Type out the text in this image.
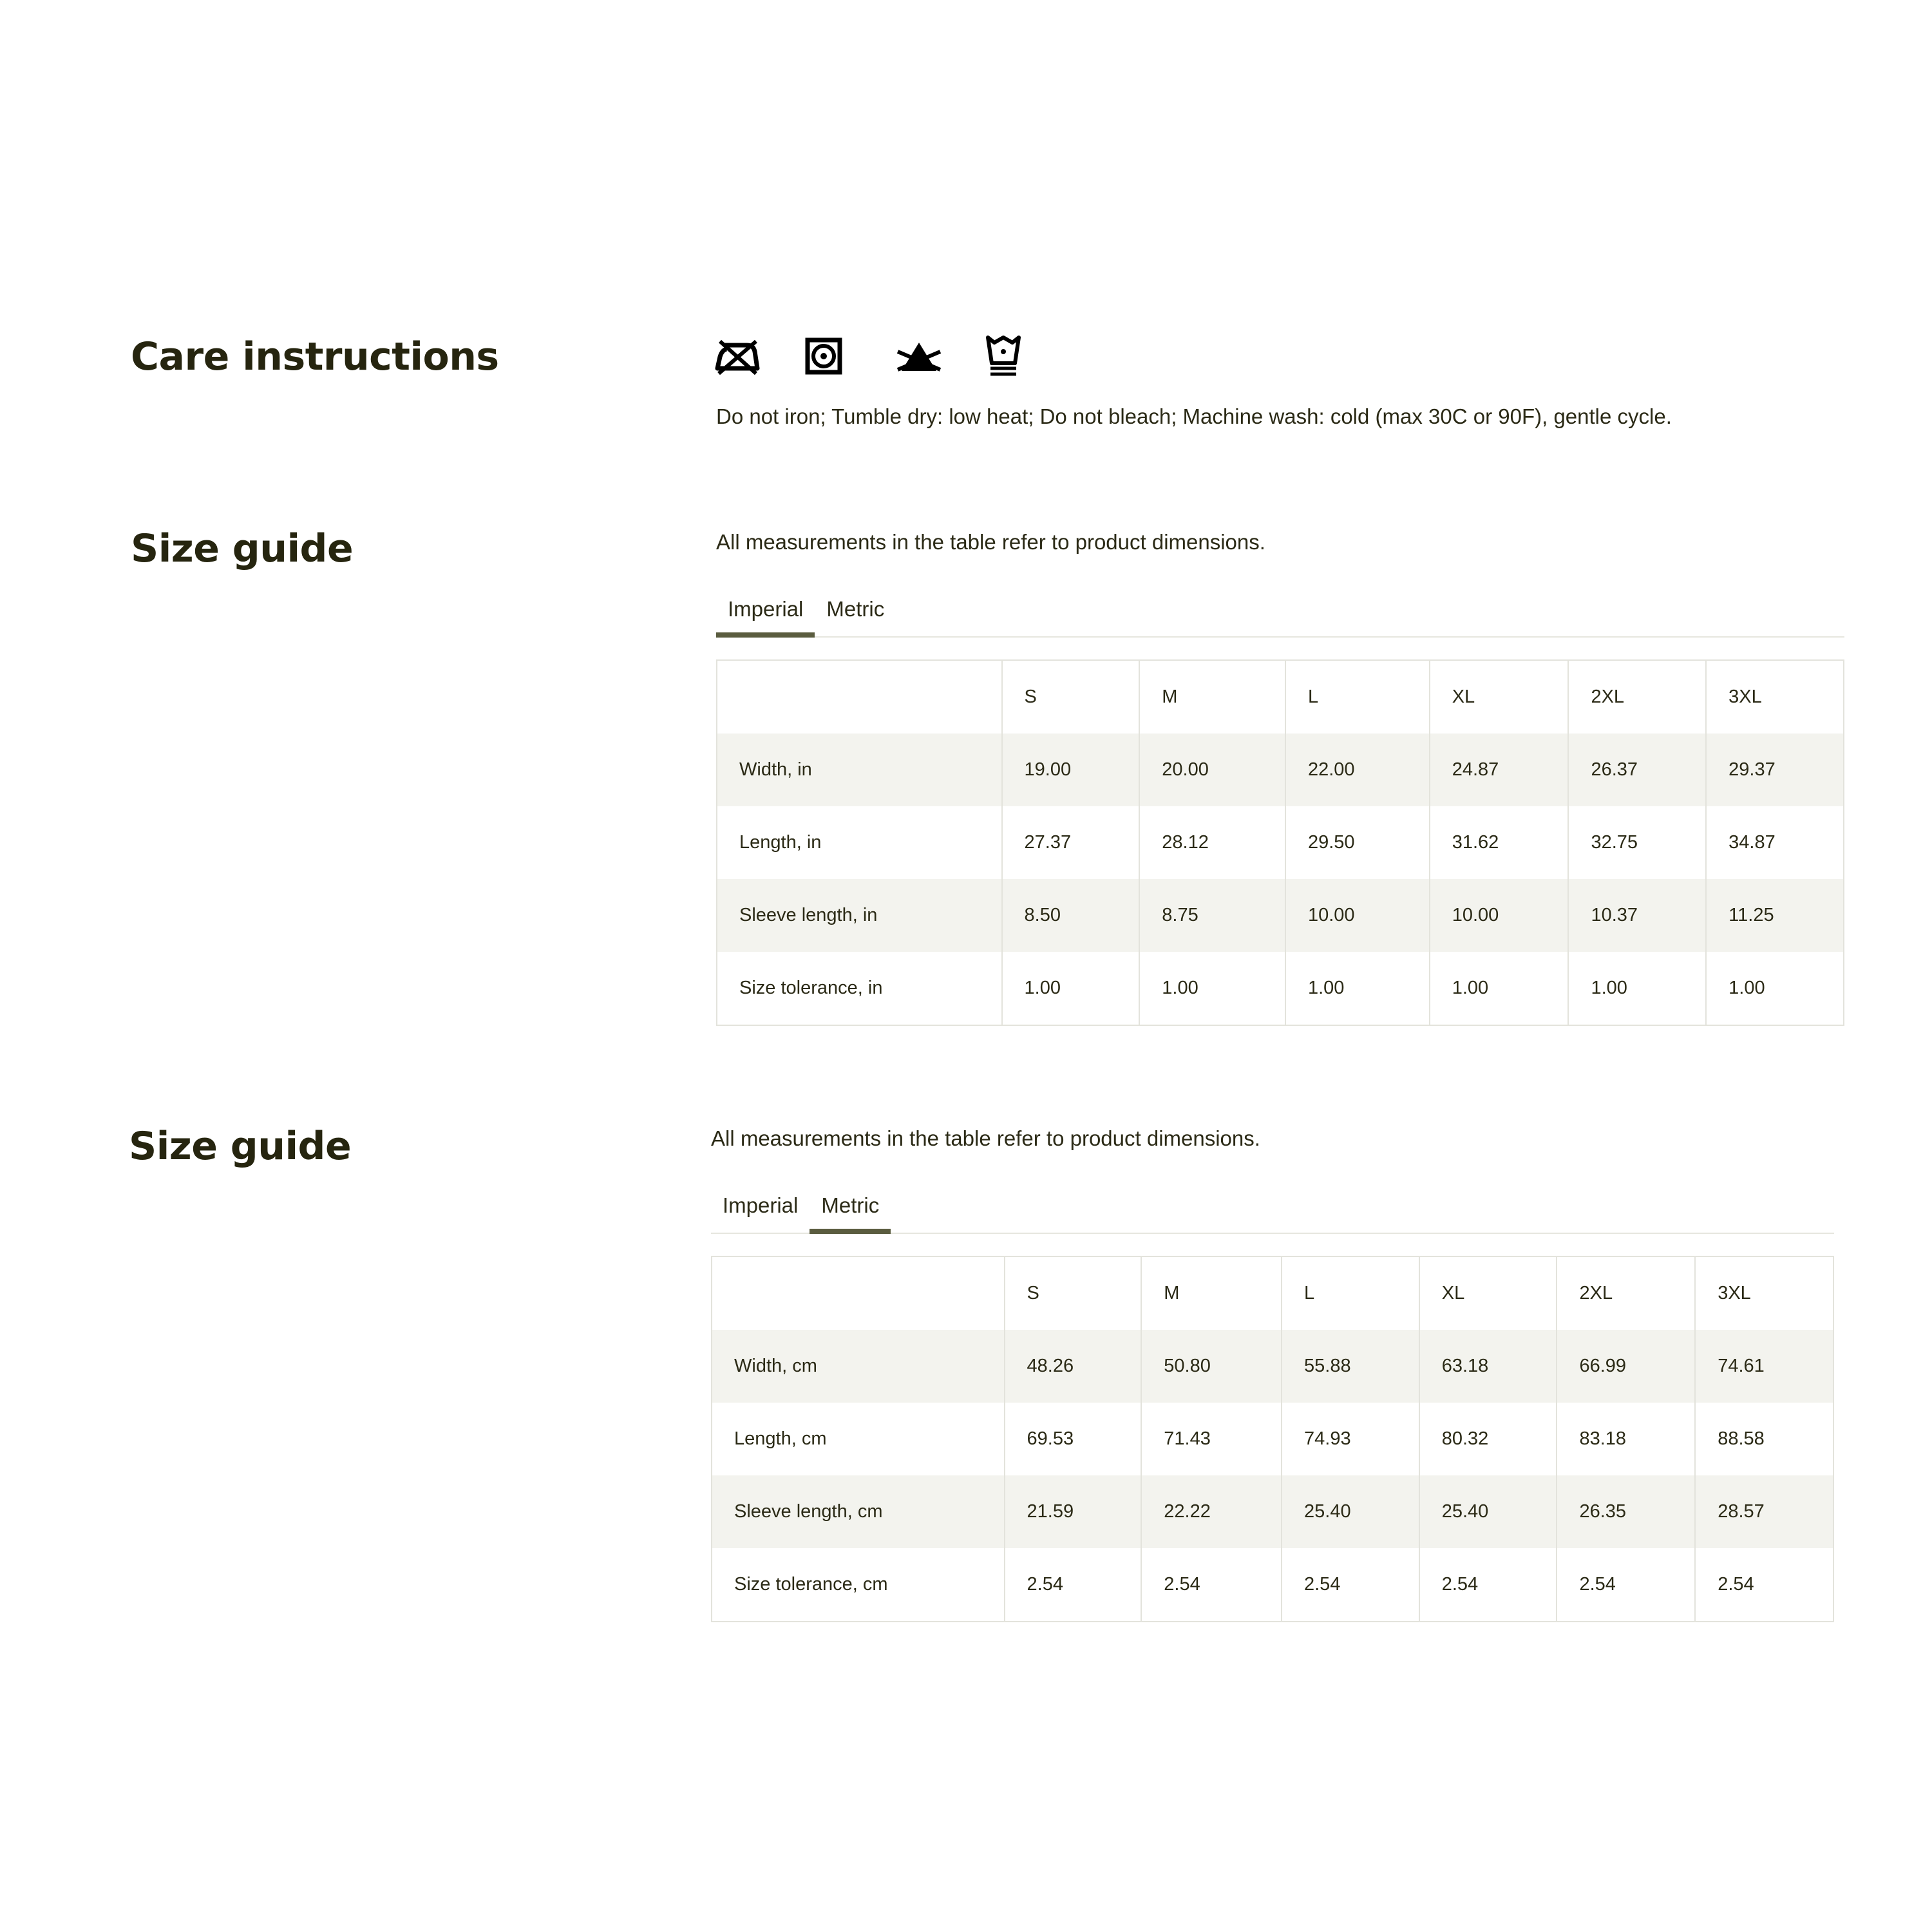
Care instructions
Do not iron; Tumble dry: low heat; Do not bleach; Machine wash: cold (max 30C or 90F), gentle cycle.
Size guide	All measurements in the table refer to product dimensions.
Imperial	Metric
	S	M	L	XL	2XL	3XL
Width, in	19.00	20.00	22.00	24.87	26.37	29.37
Length, in	27.37	28.12	29.50	31.62	32.75	34.87
Sleeve length, in	8.50	8.75	10.00	10.00	10.37	11.25
Size tolerance, in	1.00	1.00	1.00	1.00	1.00	1.00
Size guide	All measurements in the table refer to product dimensions.
Imperial	Metric
	S	M	L	XL	2XL	3XL
Width, cm	48.26	50.80	55.88	63.18	66.99	74.61
Length, cm	69.53	71.43	74.93	80.32	83.18	88.58
Sleeve length, cm	21.59	22.22	25.40	25.40	26.35	28.57
Size tolerance, cm	2.54	2.54	2.54	2.54	2.54	2.54
